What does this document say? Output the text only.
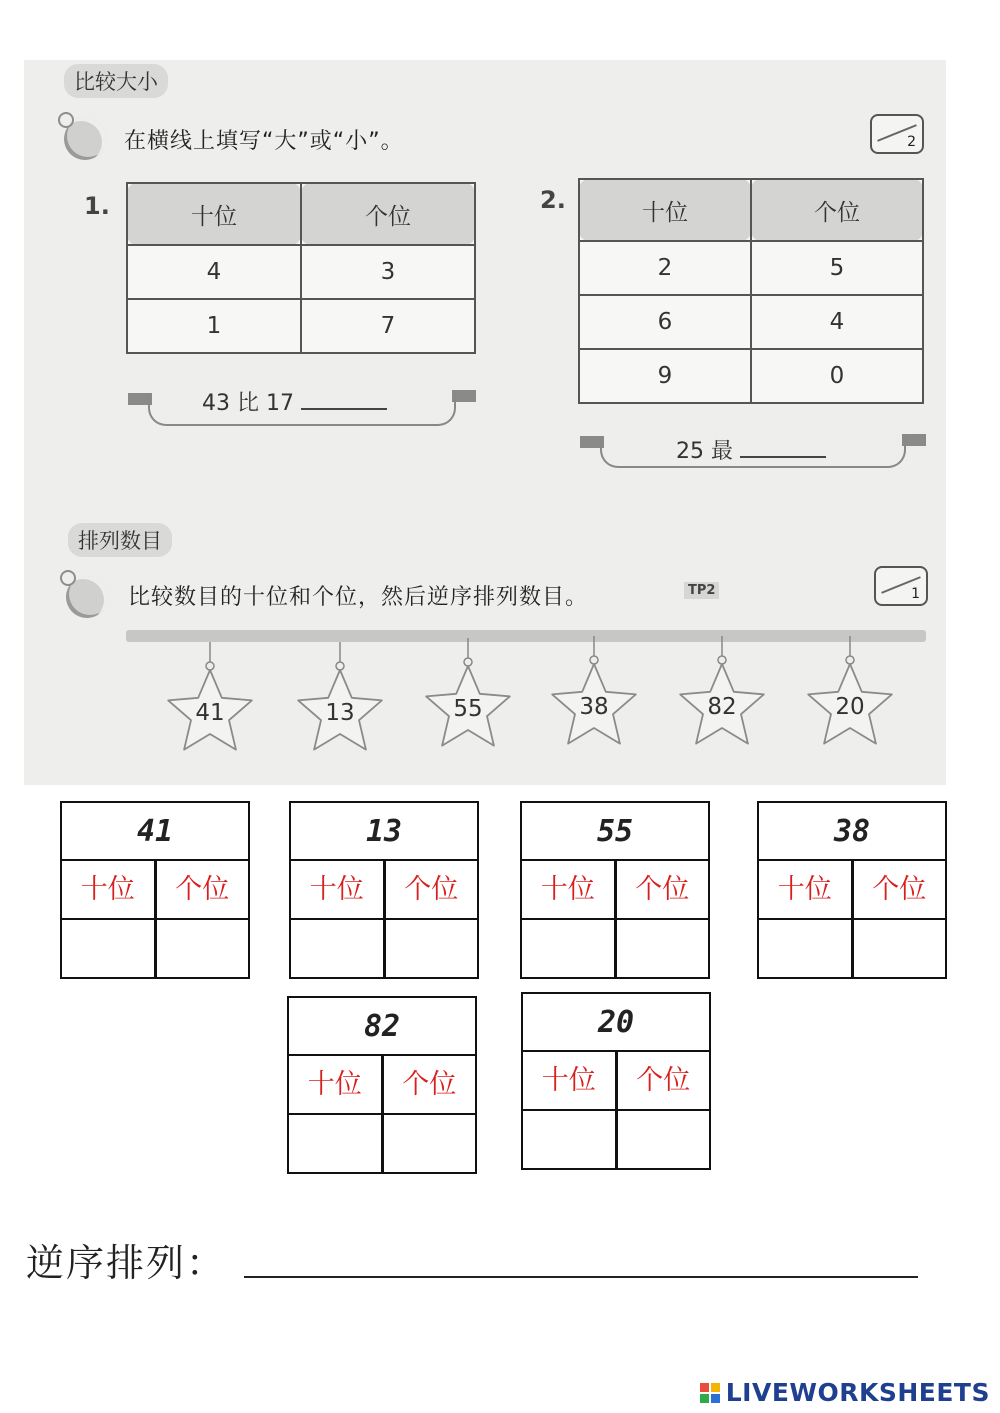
比较大小
在横线上填写“大”或“小”。	2
1.	十位	个位
4	3
1	7
43 比 17
2.	十位	个位
2	5
6	4
9	0
25 最
排列数目
比较数目的十位和个位，然后逆序排列数目。	TP2	1
41	13	55	38	82	20
41
十位	个位
13
十位	个位
55
十位	个位
38
十位	个位
82
十位	个位
20
十位	个位
逆序排列：
LIVEWORKSHEETS
